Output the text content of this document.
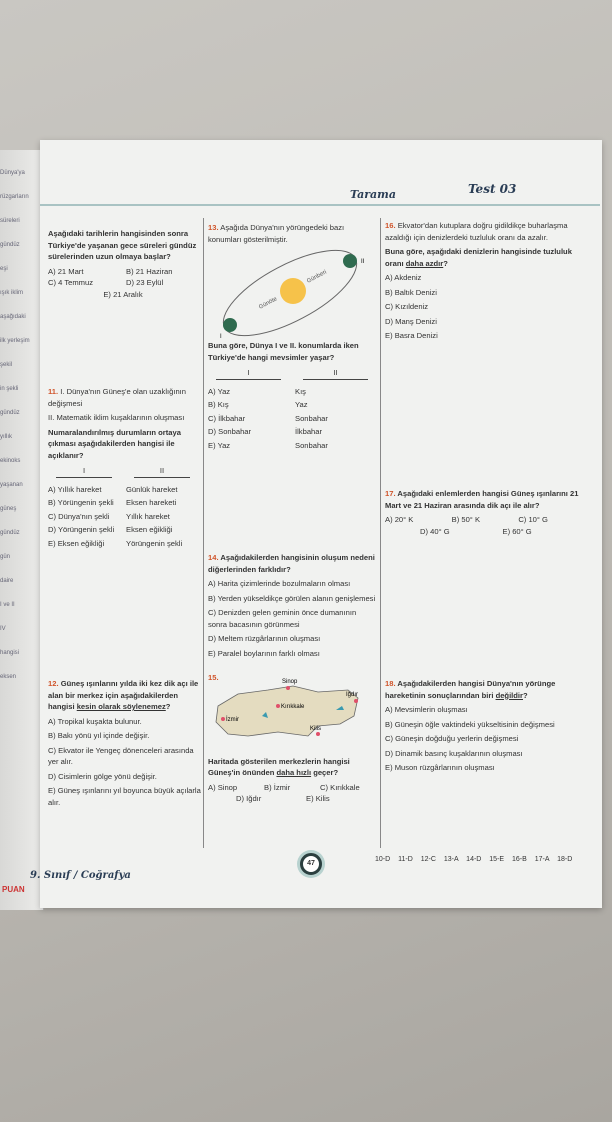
Dünya'ya
rüzgarların
süreleri
gündüz
eşi
ışık iklim
aşağıdaki
ilk yerleşim
şekil
in şekli
gündüz
yıllık
ekinoks
yaşanan
güneş
gündüz
gün
daire
I ve II
IV
hangisi
eksen
Tarama	Test 03
Aşağıdaki tarihlerin hangisinden sonra Türkiye'de yaşanan gece süreleri gündüz sürelerinden uzun olmaya başlar?
A) 21 Mart	B) 21 Haziran
C) 4 Temmuz	D) 23 Eylül
E) 21 Aralık
11. I. Dünya'nın Güneş'e olan uzaklığının değişmesi
II. Matematik iklim kuşaklarının oluşması
Numaralandırılmış durumların ortaya çıkması aşağıdakilerden hangisi ile açıklanır?
I	II
A) Yıllık hareket	Günlük hareket
B) Yörüngenin şekli	Eksen hareketi
C) Dünya'nın şekli	Yıllık hareket
D) Yörüngenin şekli	Eksen eğikliği
E) Eksen eğikliği	Yörüngenin şekli
12. Güneş ışınlarını yılda iki kez dik açı ile alan bir merkez için aşağıdakilerden hangisi kesin olarak söylenemez?
A) Tropikal kuşakta bulunur.
B) Bakı yönü yıl içinde değişir.
C) Ekvator ile Yengeç dönenceleri arasında yer alır.
D) Cisimlerin gölge yönü değişir.
E) Güneş ışınlarını yıl boyunca büyük açılarla alır.
9. Sınıf / Coğrafya
13. Aşağıda Dünya'nın yörüngedeki bazı konumları gösterilmiştir.
Günöte
Günberi
I
II
Buna göre, Dünya I ve II. konumlarda iken Türkiye'de hangi mevsimler yaşar?
I	II
A) Yaz	Kış
B) Kış	Yaz
C) İlkbahar	Sonbahar
D) Sonbahar	İlkbahar
E) Yaz	Sonbahar
14. Aşağıdakilerden hangisinin oluşum nedeni diğerlerinden farklıdır?
A) Harita çizimlerinde bozulmaların olması
B) Yerden yükseldikçe görülen alanın genişlemesi
C) Denizden gelen geminin önce dumanının sonra bacasının görünmesi
D) Meltem rüzgârlarının oluşması
E) Paralel boylarının farklı olması
15.	Sinop
Kırıkkale
İzmir
Kilis
Iğdır
Haritada gösterilen merkezlerin hangisi Güneş'in önünden daha hızlı geçer?
A) Sinop	B) İzmir	C) Kırıkkale
D) Iğdır	E) Kilis
16. Ekvator'dan kutuplara doğru gidildikçe buharlaşma azaldığı için denizlerdeki tuzluluk oranı da azalır.
Buna göre, aşağıdaki denizlerin hangisinde tuzluluk oranı daha azdır?
A) Akdeniz
B) Baltık Denizi
C) Kızıldeniz
D) Manş Denizi
E) Basra Denizi
17. Aşağıdaki enlemlerden hangisi Güneş ışınlarını 21 Mart ve 21 Haziran arasında dik açı ile alır?
A) 20° K	B) 50° K	C) 10° G
D) 40° G	E) 60° G
18. Aşağıdakilerden hangisi Dünya'nın yörünge hareketinin sonuçlarından biri değildir?
A) Mevsimlerin oluşması
B) Güneşin öğle vaktindeki yükseltisinin değişmesi
C) Güneşin doğduğu yerlerin değişmesi
D) Dinamik basınç kuşaklarının oluşması
E) Muson rüzgârlarının oluşması
47
10-D 11-D 12-C 13-A 14-D 15-E 16-B 17-A 18-D
PUAN
